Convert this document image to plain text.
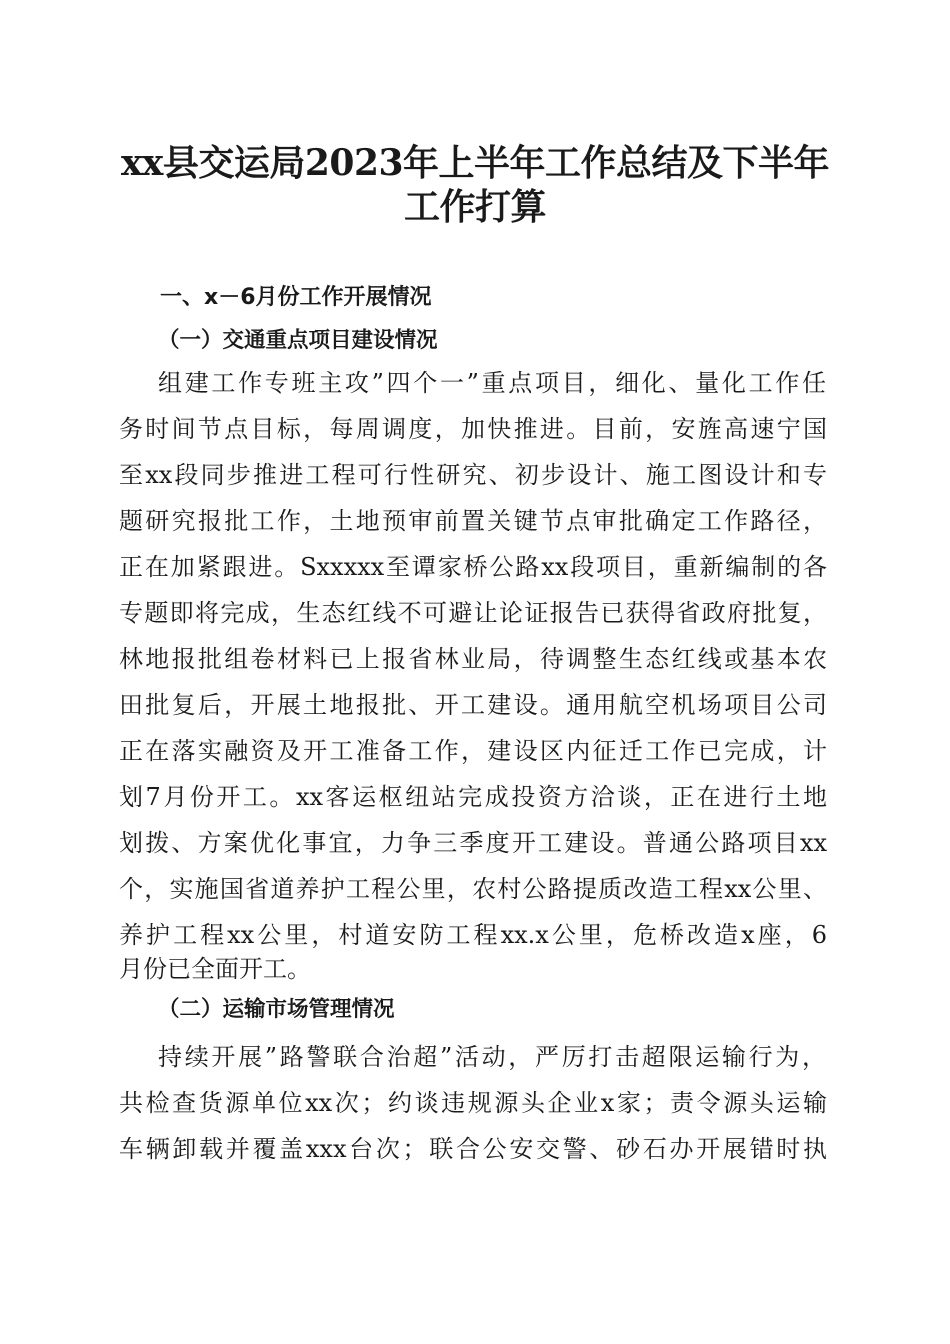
xx县交运局2023年上半年工作总结及下半年
工作打算
一、x－6月份工作开展情况
（一）交通重点项目建设情况

组建工作专班主攻”四个一”重点项目，细化、量化工作任

务时间节点目标，每周调度，加快推进。目前，安旌高速宁国

至xx段同步推进工程可行性研究、初步设计、施工图设计和专

题研究报批工作，土地预审前置关键节点审批确定工作路径，

正在加紧跟进。Sxxxxx至谭家桥公路xx段项目，重新编制的各

专题即将完成，生态红线不可避让论证报告已获得省政府批复，

林地报批组卷材料已上报省林业局，待调整生态红线或基本农

田批复后，开展土地报批、开工建设。通用航空机场项目公司

正在落实融资及开工准备工作，建设区内征迁工作已完成，计

划7月份开工。xx客运枢纽站完成投资方洽谈，正在进行土地

划拨、方案优化事宜，力争三季度开工建设。普通公路项目xx

个，实施国省道养护工程公里，农村公路提质改造工程xx公里、

养护工程xx公里，村道安防工程xx.x公里，危桥改造x座，6

月份已全面开工。

（二）运输市场管理情况

持续开展”路警联合治超”活动，严厉打击超限运输行为，

共检查货源单位xx次；约谈违规源头企业x家；责令源头运输

车辆卸载并覆盖xxx台次；联合公安交警、砂石办开展错时执
